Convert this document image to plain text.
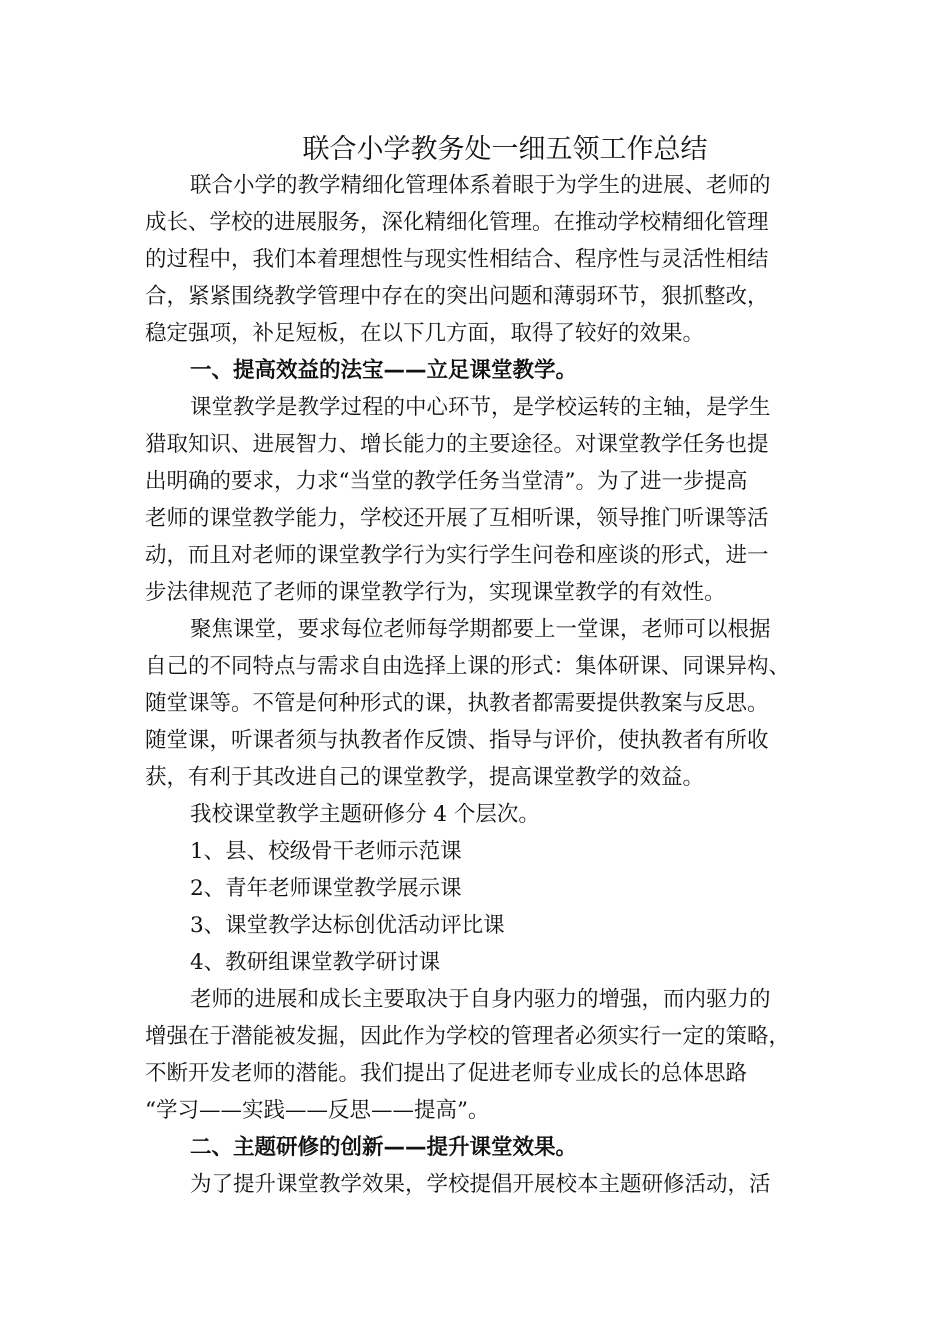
联合小学教务处一细五领工作总结
联合小学的教学精细化管理体系着眼于为学生的进展、老师的
成长、学校的进展服务，深化精细化管理。在推动学校精细化管理
的过程中，我们本着理想性与现实性相结合、程序性与灵活性相结
合，紧紧围绕教学管理中存在的突出问题和薄弱环节，狠抓整改，
稳定强项，补足短板，在以下几方面，取得了较好的效果。
一、提高效益的法宝——立足课堂教学。
课堂教学是教学过程的中心环节，是学校运转的主轴，是学生
猎取知识、进展智力、增长能力的主要途径。对课堂教学任务也提
出明确的要求，力求“当堂的教学任务当堂清”。为了进一步提高
老师的课堂教学能力，学校还开展了互相听课，领导推门听课等活
动，而且对老师的课堂教学行为实行学生问卷和座谈的形式，进一
步法律规范了老师的课堂教学行为，实现课堂教学的有效性。
聚焦课堂，要求每位老师每学期都要上一堂课，老师可以根据
自己的不同特点与需求自由选择上课的形式：集体研课、同课异构、
随堂课等。不管是何种形式的课，执教者都需要提供教案与反思。
随堂课，听课者须与执教者作反馈、指导与评价，使执教者有所收
获，有利于其改进自己的课堂教学，提高课堂教学的效益。
我校课堂教学主题研修分 4 个层次。
1、县、校级骨干老师示范课
2、青年老师课堂教学展示课
3、课堂教学达标创优活动评比课
4、教研组课堂教学研讨课
老师的进展和成长主要取决于自身内驱力的增强，而内驱力的
增强在于潜能被发掘，因此作为学校的管理者必须实行一定的策略，
不断开发老师的潜能。我们提出了促进老师专业成长的总体思路
“学习——实践——反思——提高”。
二、主题研修的创新——提升课堂效果。
为了提升课堂教学效果，学校提倡开展校本主题研修活动，活
